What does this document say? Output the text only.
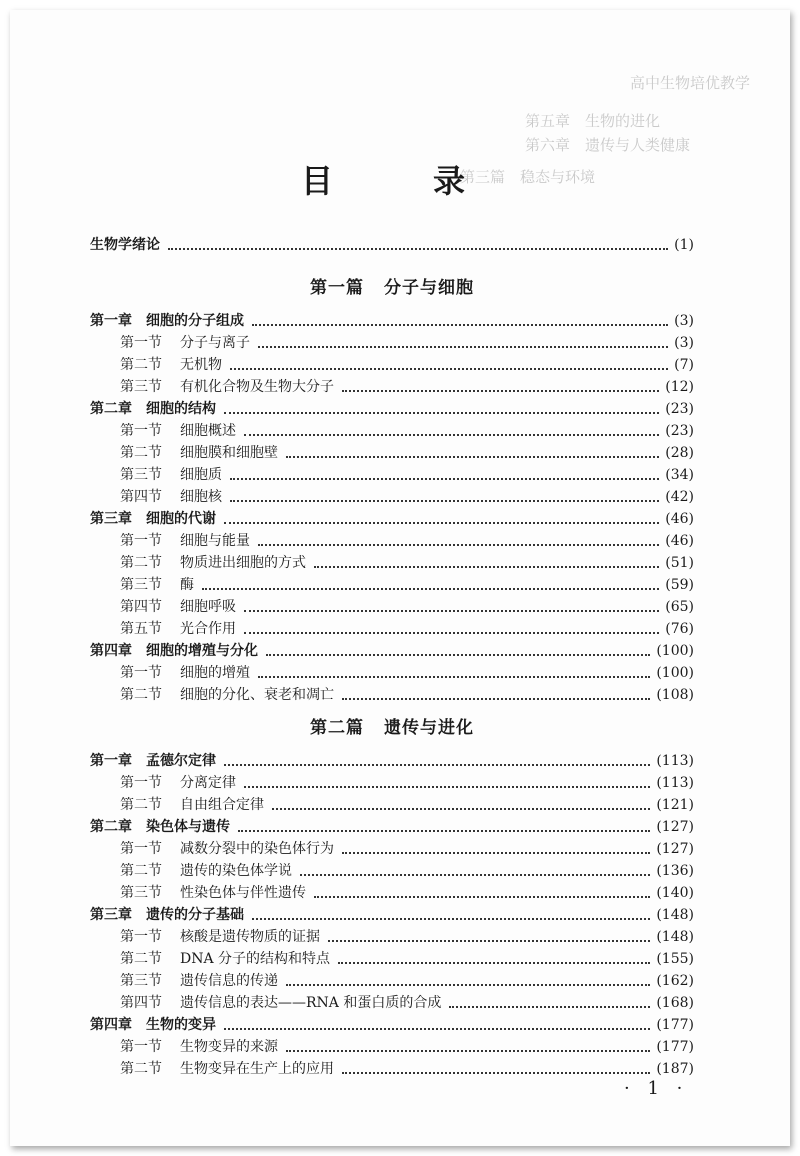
高中生物培优教学
第五章　生物的进化
第六章　遗传与人类健康
第三篇　稳态与环境
目　录
生物学绪论	(1)
第一篇 分子与细胞
第一章	细胞的分子组成	(3)
第一节	分子与离子	(3)
第二节	无机物	(7)
第三节	有机化合物及生物大分子	(12)
第二章	细胞的结构	(23)
第一节	细胞概述	(23)
第二节	细胞膜和细胞壁	(28)
第三节	细胞质	(34)
第四节	细胞核	(42)
第三章	细胞的代谢	(46)
第一节	细胞与能量	(46)
第二节	物质进出细胞的方式	(51)
第三节	酶	(59)
第四节	细胞呼吸	(65)
第五节	光合作用	(76)
第四章	细胞的增殖与分化	(100)
第一节	细胞的增殖	(100)
第二节	细胞的分化、衰老和凋亡	(108)
第二篇 遗传与进化
第一章	孟德尔定律	(113)
第一节	分离定律	(113)
第二节	自由组合定律	(121)
第二章	染色体与遗传	(127)
第一节	减数分裂中的染色体行为	(127)
第二节	遗传的染色体学说	(136)
第三节	性染色体与伴性遗传	(140)
第三章	遗传的分子基础	(148)
第一节	核酸是遗传物质的证据	(148)
第二节	DNA 分子的结构和特点	(155)
第三节	遗传信息的传递	(162)
第四节	遗传信息的表达——RNA 和蛋白质的合成	(168)
第四章	生物的变异	(177)
第一节	生物变异的来源	(177)
第二节	生物变异在生产上的应用	(187)
· 1 ·
